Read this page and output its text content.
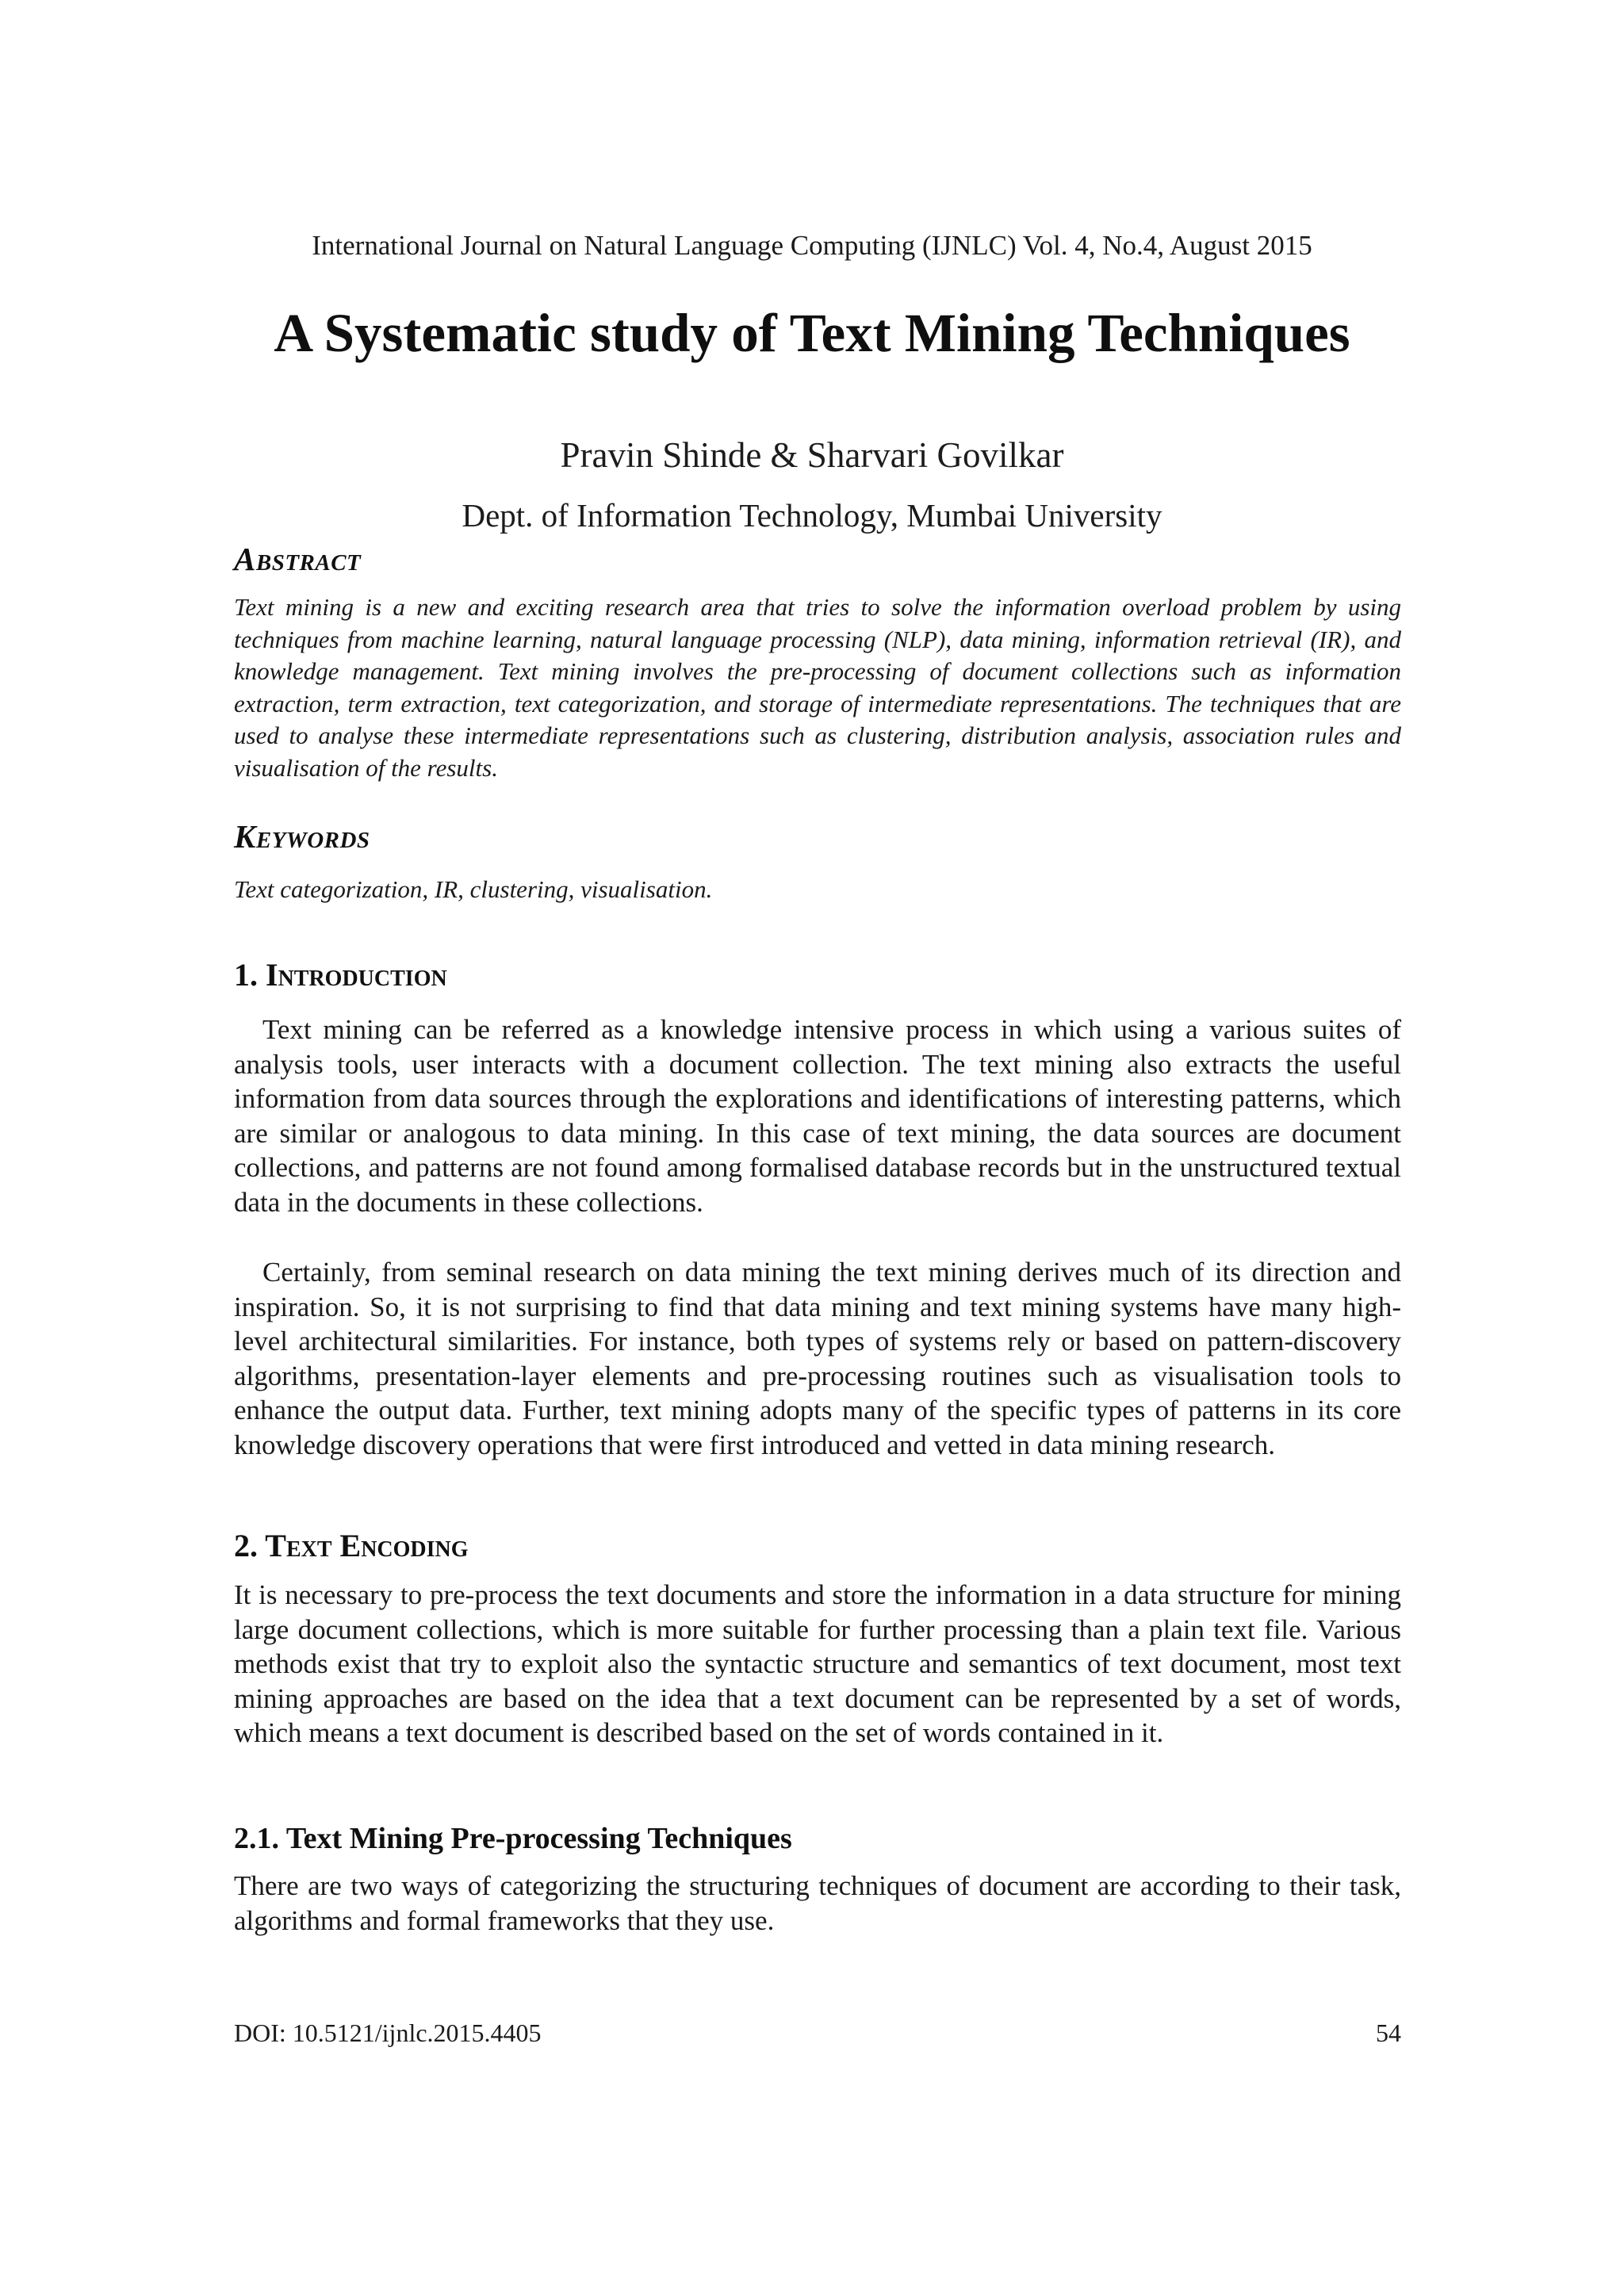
International Journal on Natural Language Computing (IJNLC) Vol. 4, No.4, August 2015
A Systematic study of Text Mining Techniques
Pravin Shinde & Sharvari Govilkar
Dept. of Information Technology, Mumbai University
Abstract

Text mining is a new and exciting research area that tries to solve the information overload problem by using techniques from machine learning, natural language processing (NLP), data mining, information retrieval (IR), and knowledge management. Text mining involves the pre-processing of document collections such as information extraction, term extraction, text categorization, and storage of intermediate representations. The techniques that are used to analyse these intermediate representations such as clustering, distribution analysis, association rules and visualisation of the results.

Keywords

Text categorization, IR, clustering, visualisation.

1. Introduction

Text mining can be referred as a knowledge intensive process in which using a various suites of analysis tools, user interacts with a document collection. The text mining also extracts the useful information from data sources through the explorations and identifications of interesting patterns, which are similar or analogous to data mining. In this case of text mining, the data sources are document collections, and patterns are not found among formalised database records but in the unstructured textual data in the documents in these collections.

Certainly, from seminal research on data mining the text mining derives much of its direction and inspiration. So, it is not surprising to find that data mining and text mining systems have many high-level architectural similarities. For instance, both types of systems rely or based on pattern-discovery algorithms, presentation-layer elements and pre-processing routines such as visualisation tools to enhance the output data. Further, text mining adopts many of the specific types of patterns in its core knowledge discovery operations that were first introduced and vetted in data mining research.

2. Text Encoding

It is necessary to pre-process the text documents and store the information in a data structure for mining large document collections, which is more suitable for further processing than a plain text file. Various methods exist that try to exploit also the syntactic structure and semantics of text document, most text mining approaches are based on the idea that a text document can be represented by a set of words, which means a text document is described based on the set of words contained in it.

2.1. Text Mining Pre-processing Techniques

There are two ways of categorizing the structuring techniques of document are according to their task, algorithms and formal frameworks that they use.

DOI: 10.5121/ijnlc.2015.4405	54
